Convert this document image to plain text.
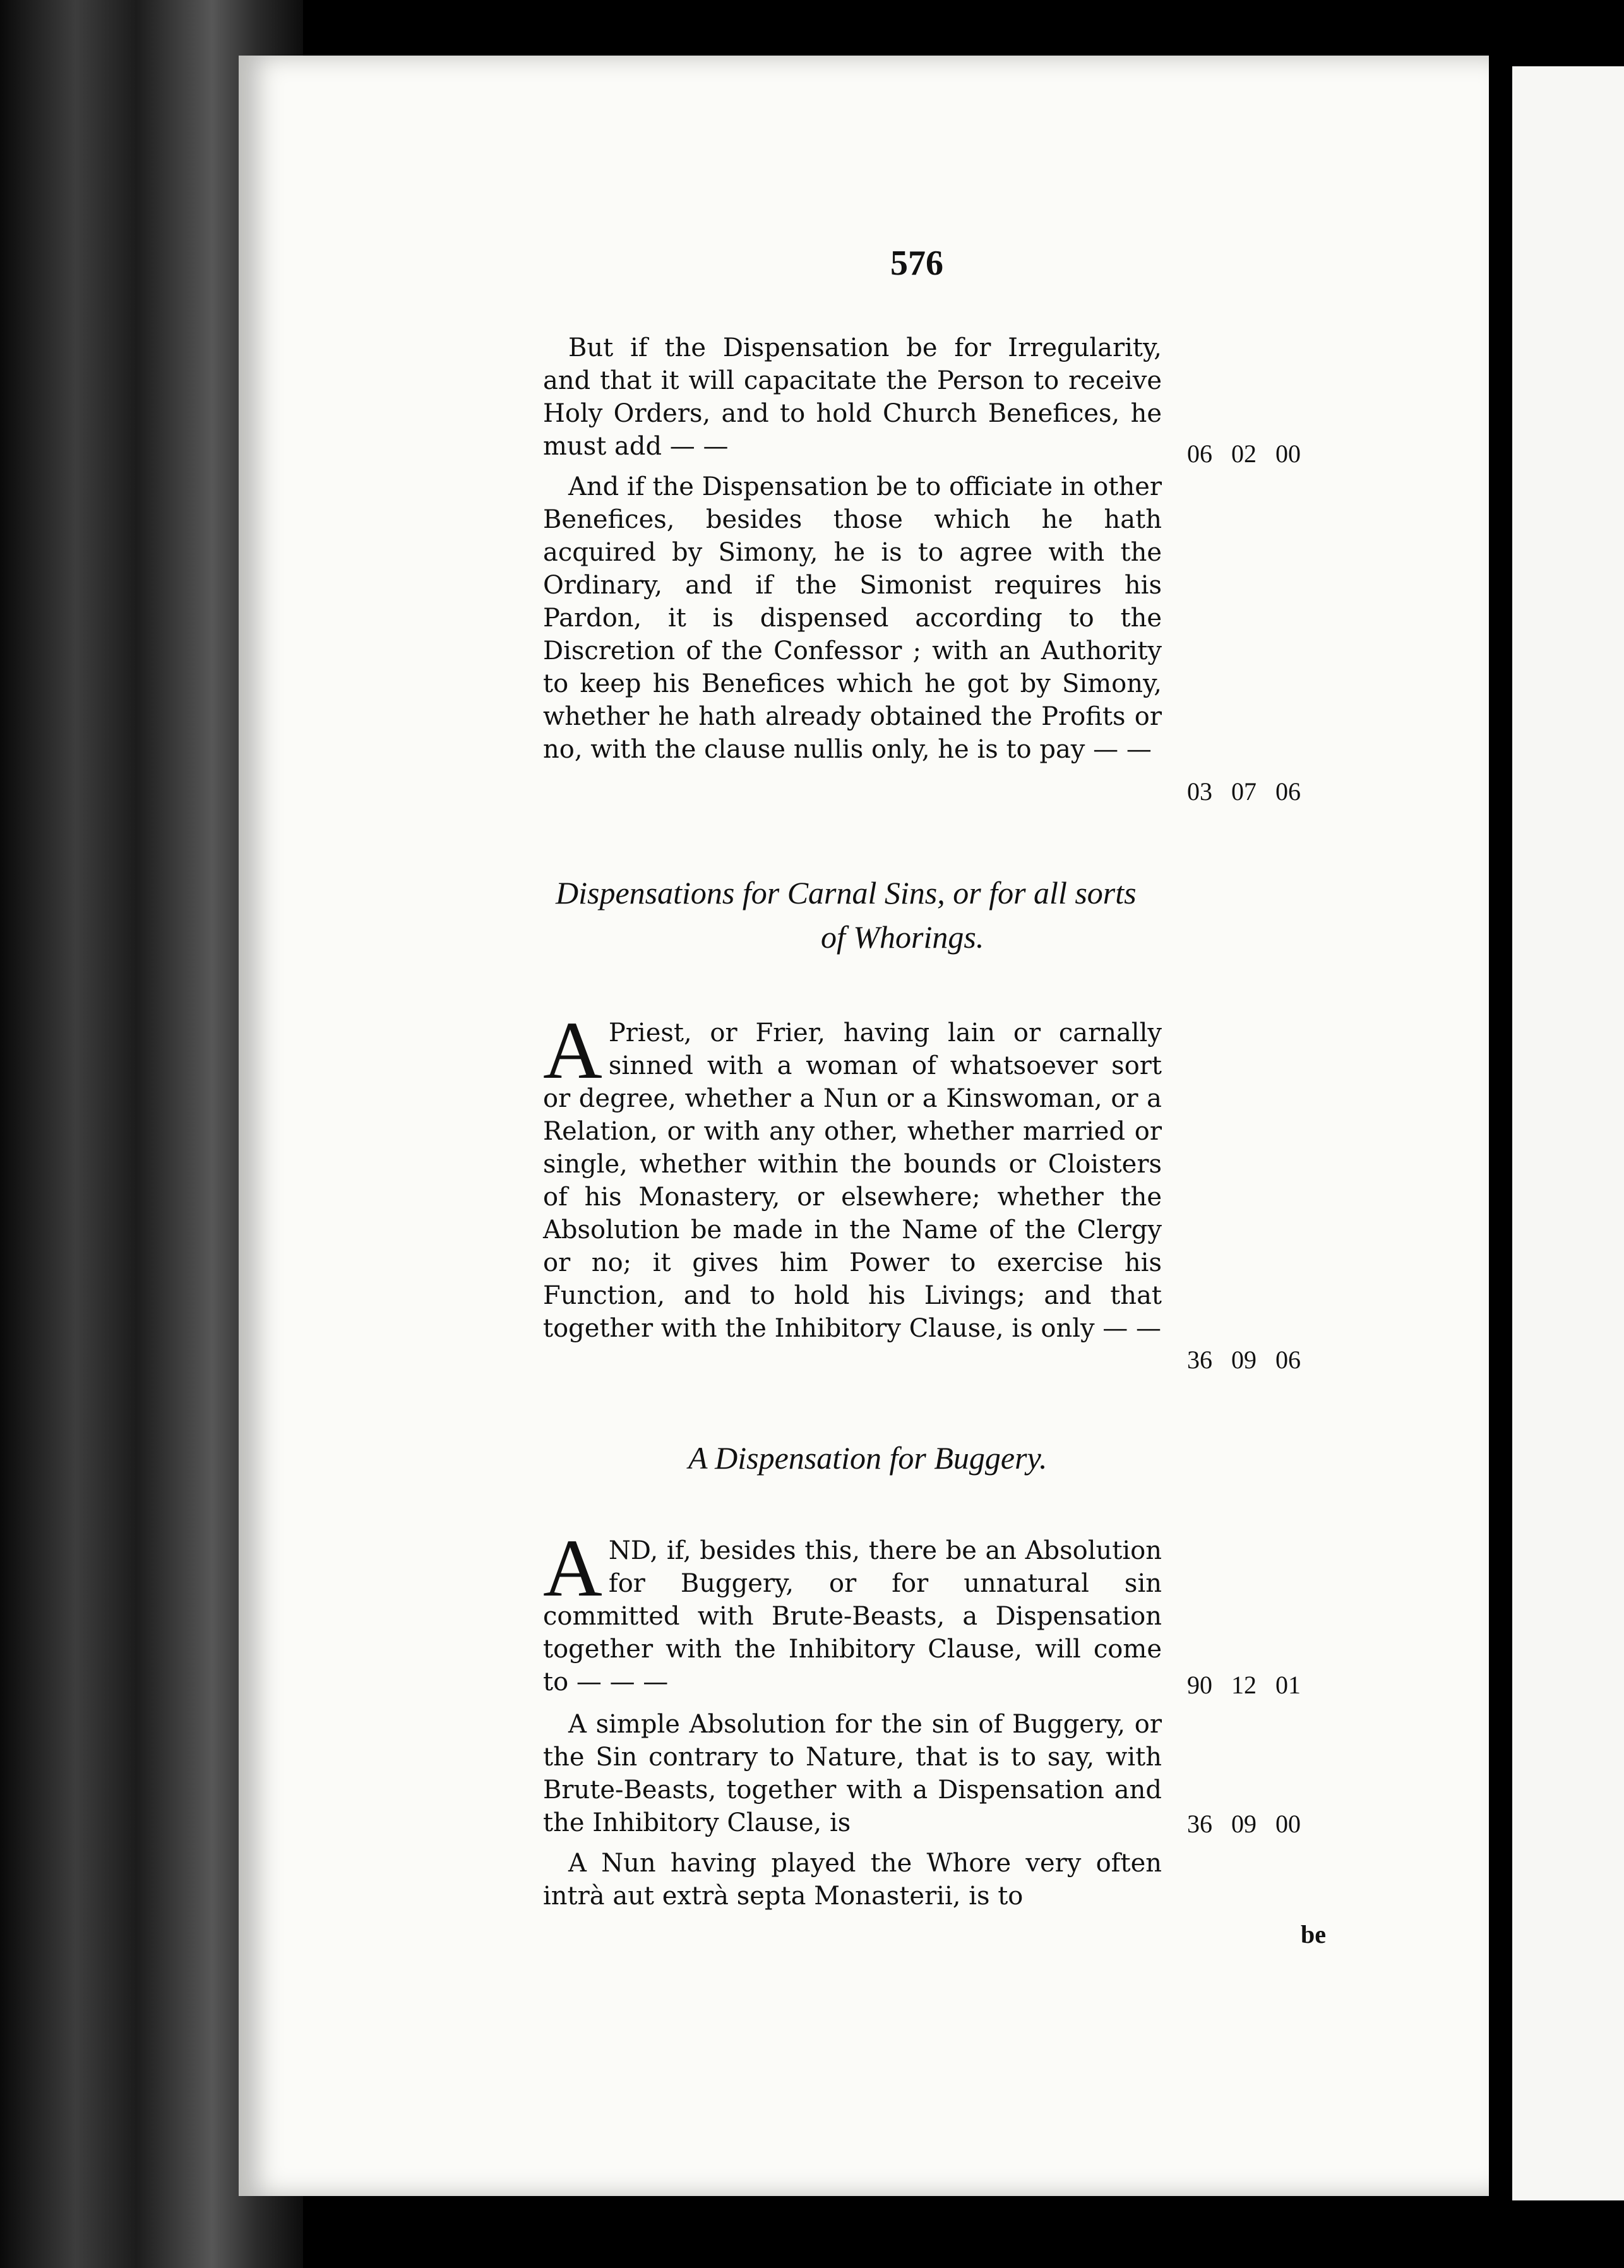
576

But if the Dispensation be for Irregularity, and that it will capacitate the Person to receive Holy Orders, and to hold Church Benefices, he must add — —	06   02   00

And if the Dispensation be to officiate in other Benefices, besides those which he hath acquired by Simony, he is to agree with the Ordinary, and if the Simonist requires his Pardon, it is dispensed according to the Discretion of the Confessor ; with an Authority to keep his Benefices which he got by Simony, whether he hath already obtained the Profits or no, with the clause nullis only, he is to pay — —

03   07   06
Dispensations for Carnal Sins, or for all sorts
of Whorings.
A Priest, or Frier, having lain or carnally sinned with a woman of whatsoever sort or degree, whether a Nun or a Kinswoman, or a Relation, or with any other, whether married or single, whether within the bounds or Cloisters of his Monastery, or elsewhere; whether the Absolution be made in the Name of the Clergy or no; it gives him Power to exercise his Function, and to hold his Livings; and that together with the Inhibitory Clause, is only — —

36   09   06
A Dispensation for Buggery.
A ND, if, besides this, there be an Absolution for Buggery, or for unnatural sin committed with Brute-Beasts, a Dispensation together with the Inhibitory Clause, will come to — — —	90   12   01

A simple Absolution for the sin of Buggery, or the Sin contrary to Nature, that is to say, with Brute-Beasts, together with a Dispensation and the Inhibitory Clause, is	36   09   00

A Nun having played the Whore very often intrà aut extrà septa Monasterii, is to

be
